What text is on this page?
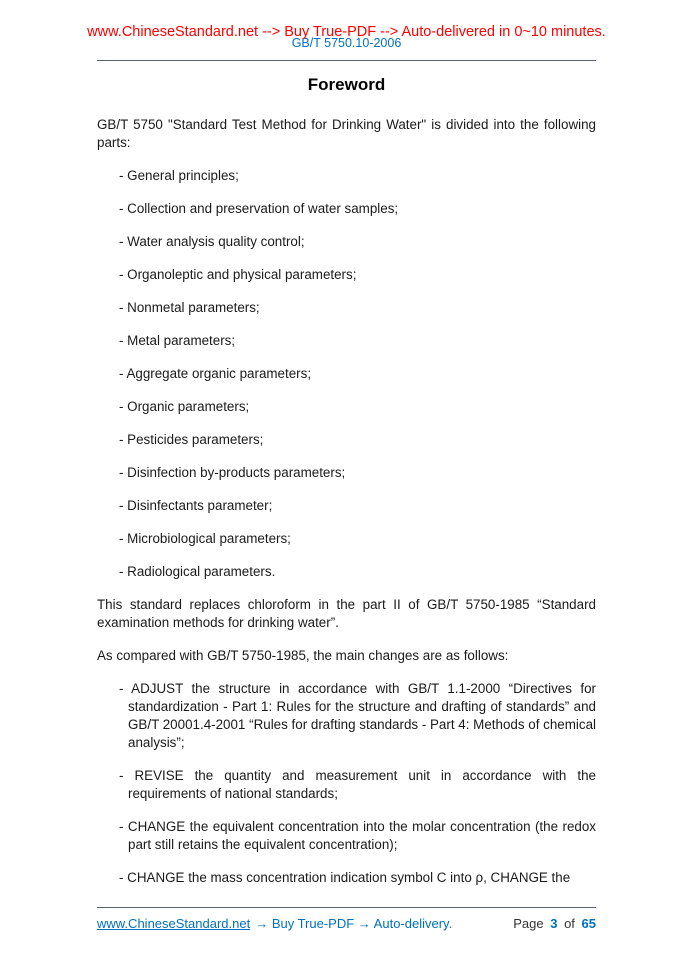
www.ChineseStandard.net --> Buy True-PDF --> Auto-delivered in 0~10 minutes.
GB/T 5750.10-2006
Foreword

GB/T 5750 "Standard Test Method for Drinking Water" is divided into the following parts:

- General principles;

- Collection and preservation of water samples;

- Water analysis quality control;

- Organoleptic and physical parameters;

- Nonmetal parameters;

- Metal parameters;

- Aggregate organic parameters;

- Organic parameters;

- Pesticides parameters;

- Disinfection by-products parameters;

- Disinfectants parameter;

- Microbiological parameters;

- Radiological parameters.

This standard replaces chloroform in the part II of GB/T 5750-1985 “Standard examination methods for drinking water”.

As compared with GB/T 5750-1985, the main changes are as follows:

- ADJUST the structure in accordance with GB/T 1.1-2000 “Directives for standardization - Part 1: Rules for the structure and drafting of standards” and GB/T 20001.4-2001 “Rules for drafting standards - Part 4: Methods of chemical analysis”;

- REVISE the quantity and measurement unit in accordance with the requirements of national standards;

- CHANGE the equivalent concentration into the molar concentration (the redox part still retains the equivalent concentration);

- CHANGE the mass concentration indication symbol C into ρ, CHANGE the

www.ChineseStandard.net → Buy True-PDF → Auto-delivery.	Page 3 of 65
